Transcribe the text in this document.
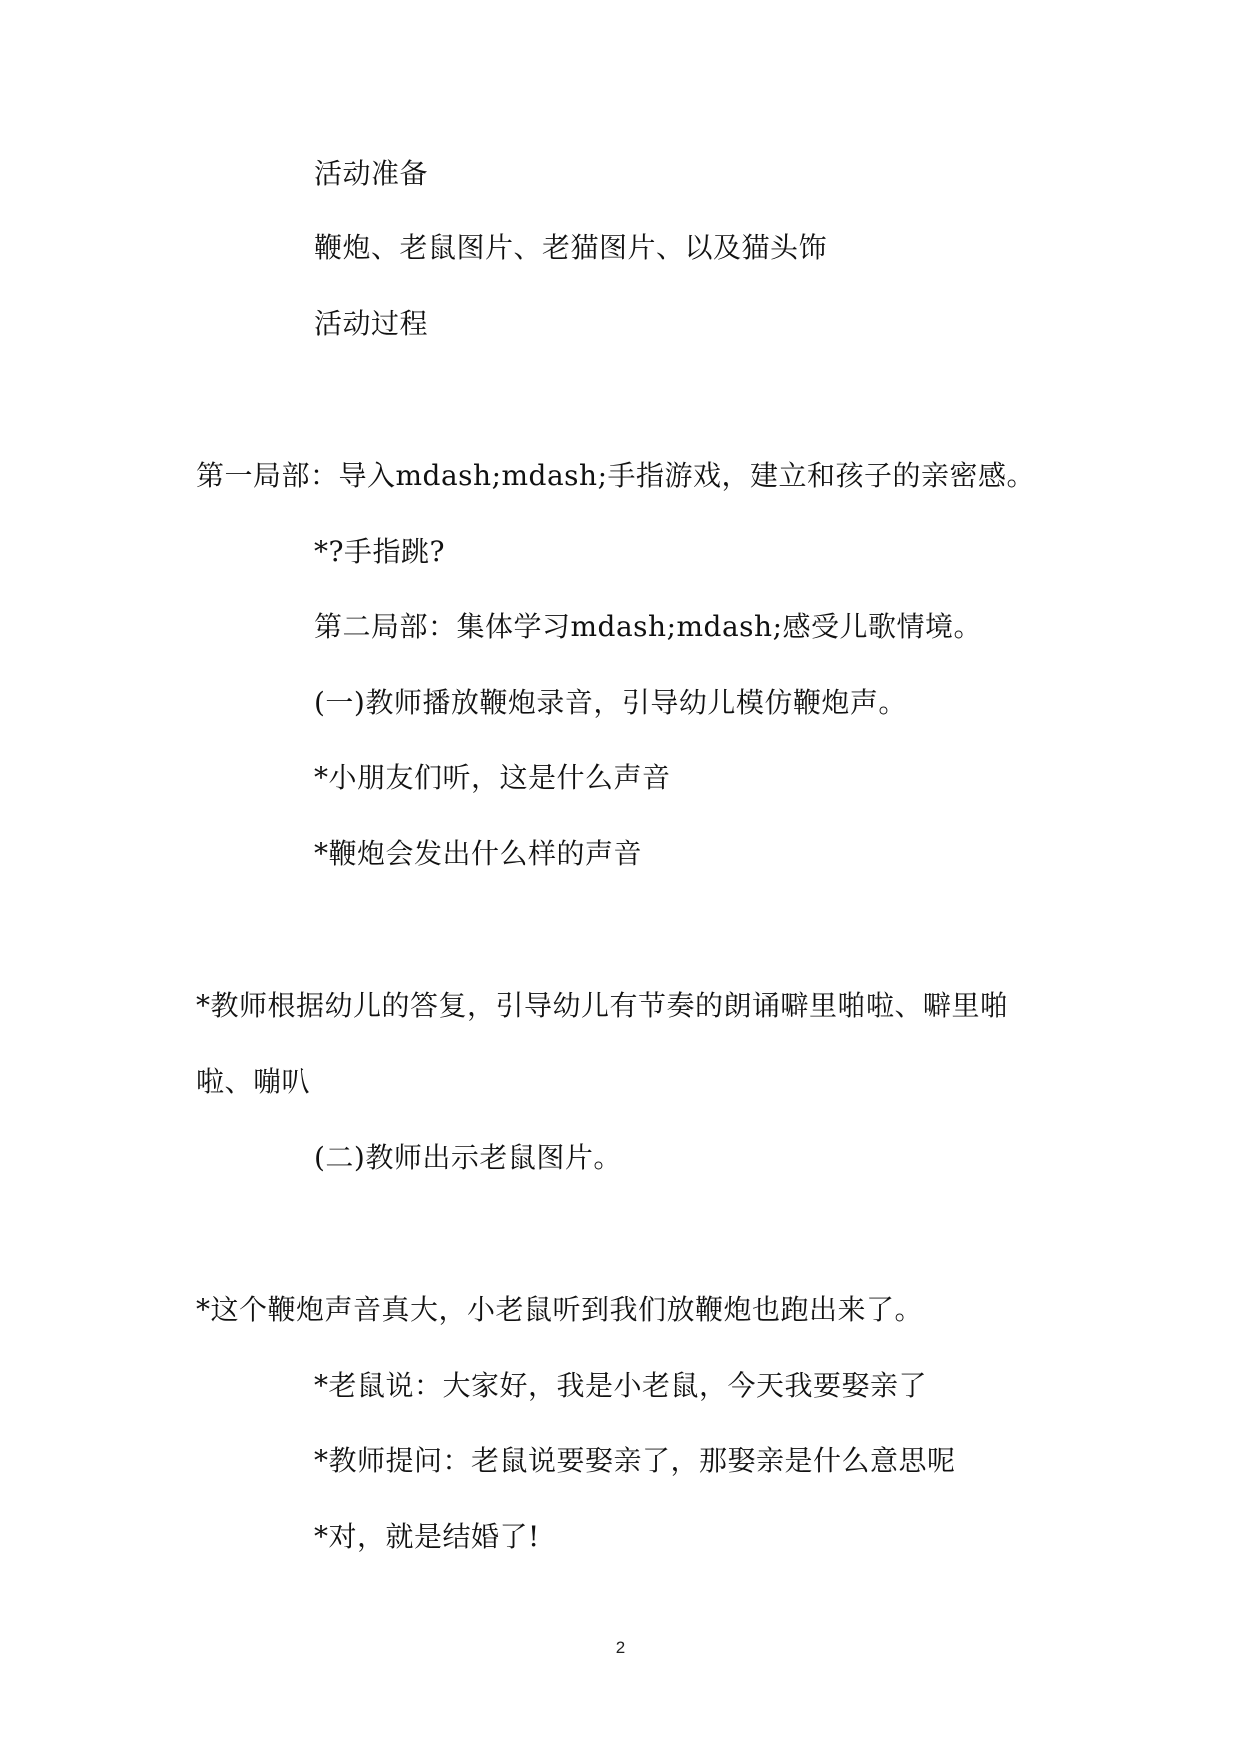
活动准备
鞭炮、老鼠图片、老猫图片、以及猫头饰
活动过程
第一局部：导入mdash;mdash;手指游戏，建立和孩子的亲密感。
*?手指跳?
第二局部：集体学习mdash;mdash;感受儿歌情境。
(一)教师播放鞭炮录音，引导幼儿模仿鞭炮声。
*小朋友们听，这是什么声音
*鞭炮会发出什么样的声音
*教师根据幼儿的答复，引导幼儿有节奏的朗诵噼里啪啦、噼里啪
啦、嘣叭
(二)教师出示老鼠图片。
*这个鞭炮声音真大，小老鼠听到我们放鞭炮也跑出来了。
*老鼠说：大家好，我是小老鼠，今天我要娶亲了
*教师提问：老鼠说要娶亲了，那娶亲是什么意思呢
*对，就是结婚了!
2
